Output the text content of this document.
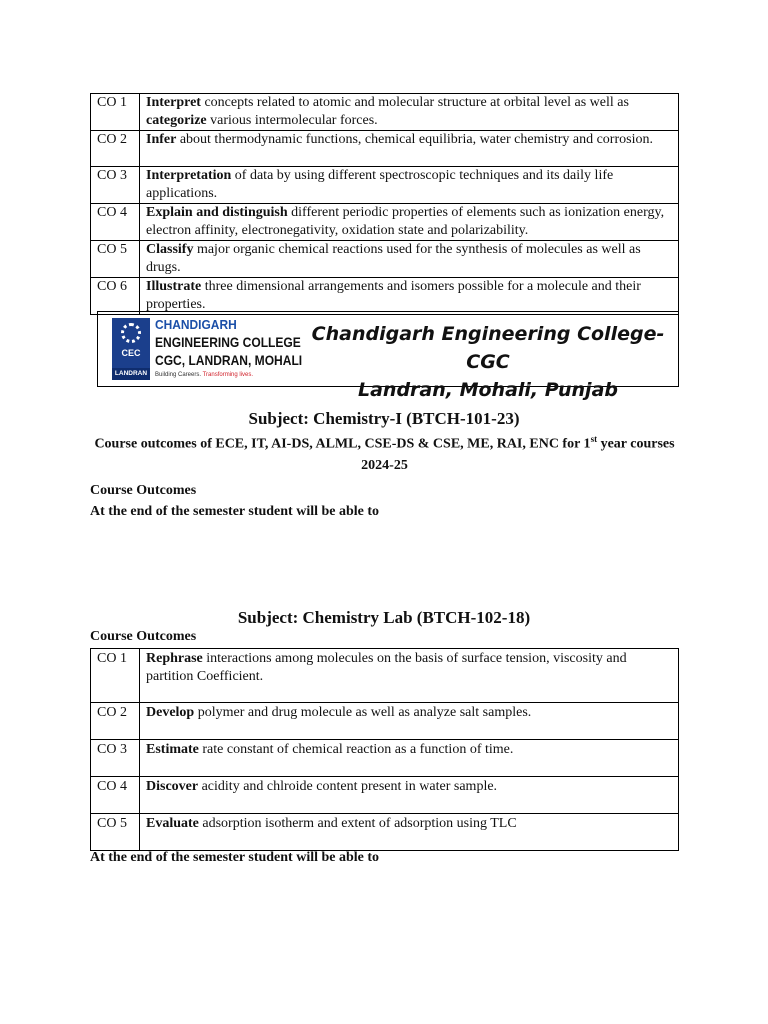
CO 1	Interpret concepts related to atomic and molecular structure at orbital level as well as categorize various intermolecular forces.
CO 2	Infer about thermodynamic functions, chemical equilibria, water chemistry and corrosion.
CO 3	Interpretation of data by using different spectroscopic techniques and its daily life applications.
CO 4	Explain and distinguish different periodic properties of elements such as ionization energy, electron affinity, electronegativity, oxidation state and polarizability.
CO 5	Classify major organic chemical reactions used for the synthesis of molecules as well as drugs.
CO 6	Illustrate three dimensional arrangements and isomers possible for a molecule and their properties.
CEC
LANDRAN
CHANDIGARH
ENGINEERING COLLEGE
CGC, LANDRAN, MOHALI
Building Careers. Transforming lives.
Chandigarh Engineering College-CGC
Landran, Mohali, Punjab
Subject: Chemistry-I (BTCH-101-23)
Course outcomes of ECE, IT, AI-DS, ALML, CSE-DS & CSE, ME, RAI, ENC for 1st year courses 2024-25
Course Outcomes
At the end of the semester student will be able to
Subject: Chemistry Lab (BTCH-102-18)
Course Outcomes
CO 1	Rephrase interactions among molecules on the basis of surface tension, viscosity and partition Coefficient.
CO 2	Develop polymer and drug molecule as well as analyze salt samples.
CO 3	Estimate rate constant of chemical reaction as a function of time.
CO 4	Discover acidity and chlroide content present in water sample.
CO 5	Evaluate adsorption isotherm and extent of adsorption using TLC
At the end of the semester student will be able to
